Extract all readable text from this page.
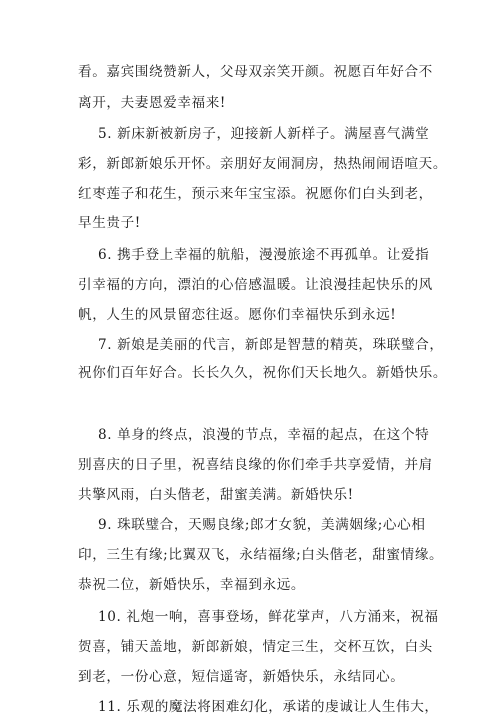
看。嘉宾围绕赞新人，父母双亲笑开颜。祝愿百年好合不
离开，夫妻恩爱幸福来!
5. 新床新被新房子，迎接新人新样子。满屋喜气满堂
彩，新郎新娘乐开怀。亲朋好友闹洞房，热热闹闹语喧天。
红枣莲子和花生，预示来年宝宝添。祝愿你们白头到老，
早生贵子!
6. 携手登上幸福的航船，漫漫旅途不再孤单。让爱指
引幸福的方向，漂泊的心倍感温暖。让浪漫挂起快乐的风
帆，人生的风景留恋往返。愿你们幸福快乐到永远!
7. 新娘是美丽的代言，新郎是智慧的精英，珠联璧合，
祝你们百年好合。长长久久，祝你们天长地久。新婚快乐。
8. 单身的终点，浪漫的节点，幸福的起点，在这个特
别喜庆的日子里，祝喜结良缘的你们牵手共享爱情，并肩
共擎风雨，白头偕老，甜蜜美满。新婚快乐!
9. 珠联璧合，天赐良缘;郎才女貌，美满姻缘;心心相
印，三生有缘;比翼双飞，永结福缘;白头偕老，甜蜜情缘。
恭祝二位，新婚快乐，幸福到永远。
10. 礼炮一响，喜事登场，鲜花掌声，八方涌来，祝福
贺喜，铺天盖地，新郎新娘，情定三生，交杯互饮，白头
到老，一份心意，短信遥寄，新婚快乐，永结同心。
11. 乐观的魔法将困难幻化，承诺的虔诚让人生伟大，
